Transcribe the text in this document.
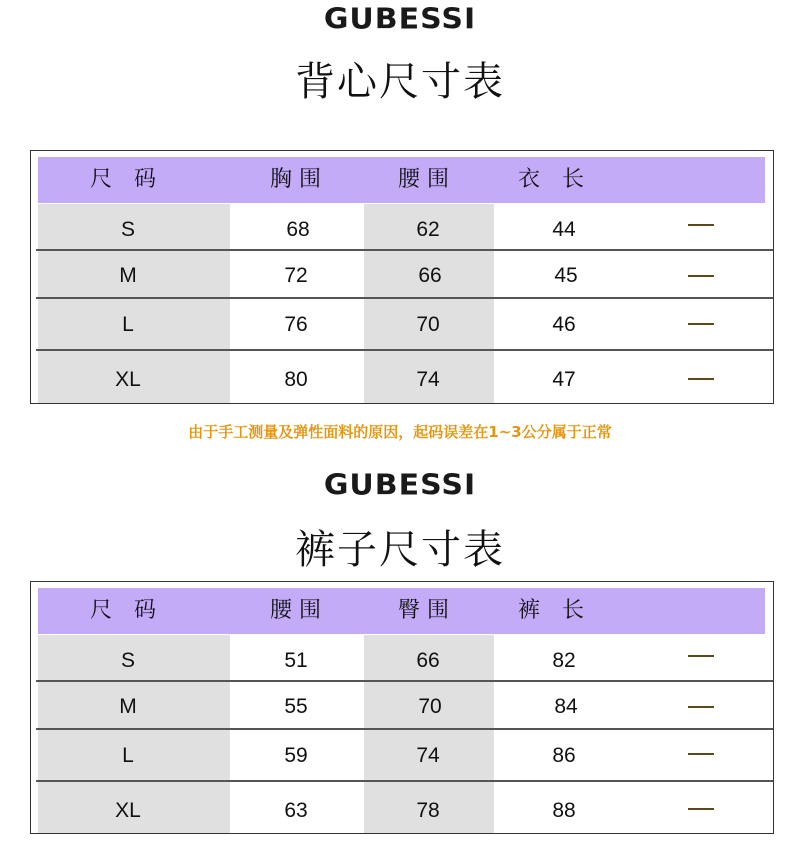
GUBESSI
背心尺寸表
尺　码	胸 围	腰 围	衣　长
S	68	62	44
M	72	66	45
L	76	70	46
XL	80	74	47
由于手工测量及弹性面料的原因，起码误差在1~3公分属于正常
GUBESSI
裤子尺寸表
尺　码	腰 围	臀 围	裤　长
S	51	66	82
M	55	70	84
L	59	74	86
XL	63	78	88
